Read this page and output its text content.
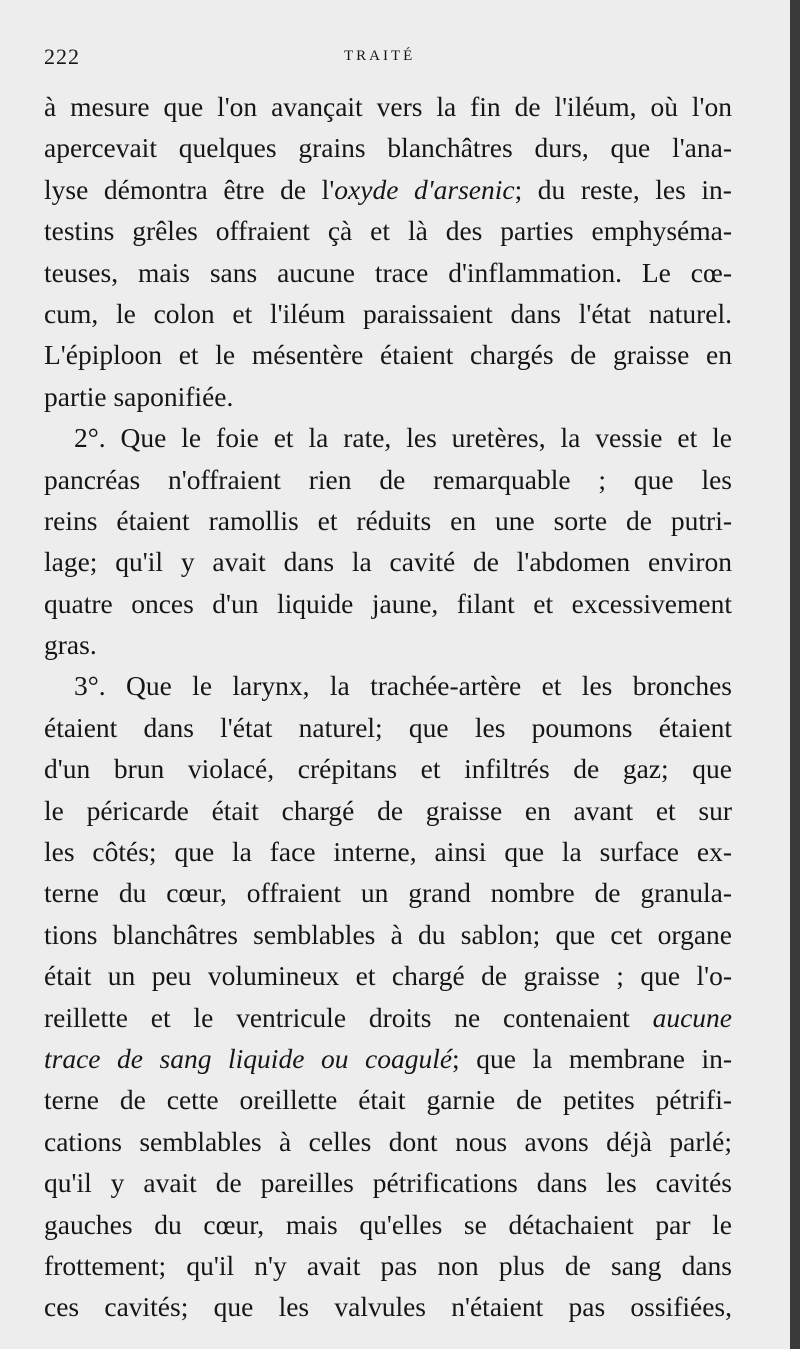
222	TRAITÉ
à mesure que l'on avançait vers la fin de l'iléum, où l'on
apercevait quelques grains blanchâtres durs, que l'ana-
lyse démontra être de l'oxyde d'arsenic; du reste, les in-
testins grêles offraient çà et là des parties emphyséma-
teuses, mais sans aucune trace d'inflammation. Le cœ-
cum, le colon et l'iléum paraissaient dans l'état naturel.
L'épiploon et le mésentère étaient chargés de graisse en
partie saponifiée.
2°. Que le foie et la rate, les uretères, la vessie et le
pancréas n'offraient rien de remarquable ; que les
reins étaient ramollis et réduits en une sorte de putri-
lage; qu'il y avait dans la cavité de l'abdomen environ
quatre onces d'un liquide jaune, filant et excessivement
gras.
3°. Que le larynx, la trachée-artère et les bronches
étaient dans l'état naturel; que les poumons étaient
d'un brun violacé, crépitans et infiltrés de gaz; que
le péricarde était chargé de graisse en avant et sur
les côtés; que la face interne, ainsi que la surface ex-
terne du cœur, offraient un grand nombre de granula-
tions blanchâtres semblables à du sablon; que cet organe
était un peu volumineux et chargé de graisse ; que l'o-
reillette et le ventricule droits ne contenaient aucune
trace de sang liquide ou coagulé; que la membrane in-
terne de cette oreillette était garnie de petites pétrifi-
cations semblables à celles dont nous avons déjà parlé;
qu'il y avait de pareilles pétrifications dans les cavités
gauches du cœur, mais qu'elles se détachaient par le
frottement; qu'il n'y avait pas non plus de sang dans
ces cavités; que les valvules n'étaient pas ossifiées,
